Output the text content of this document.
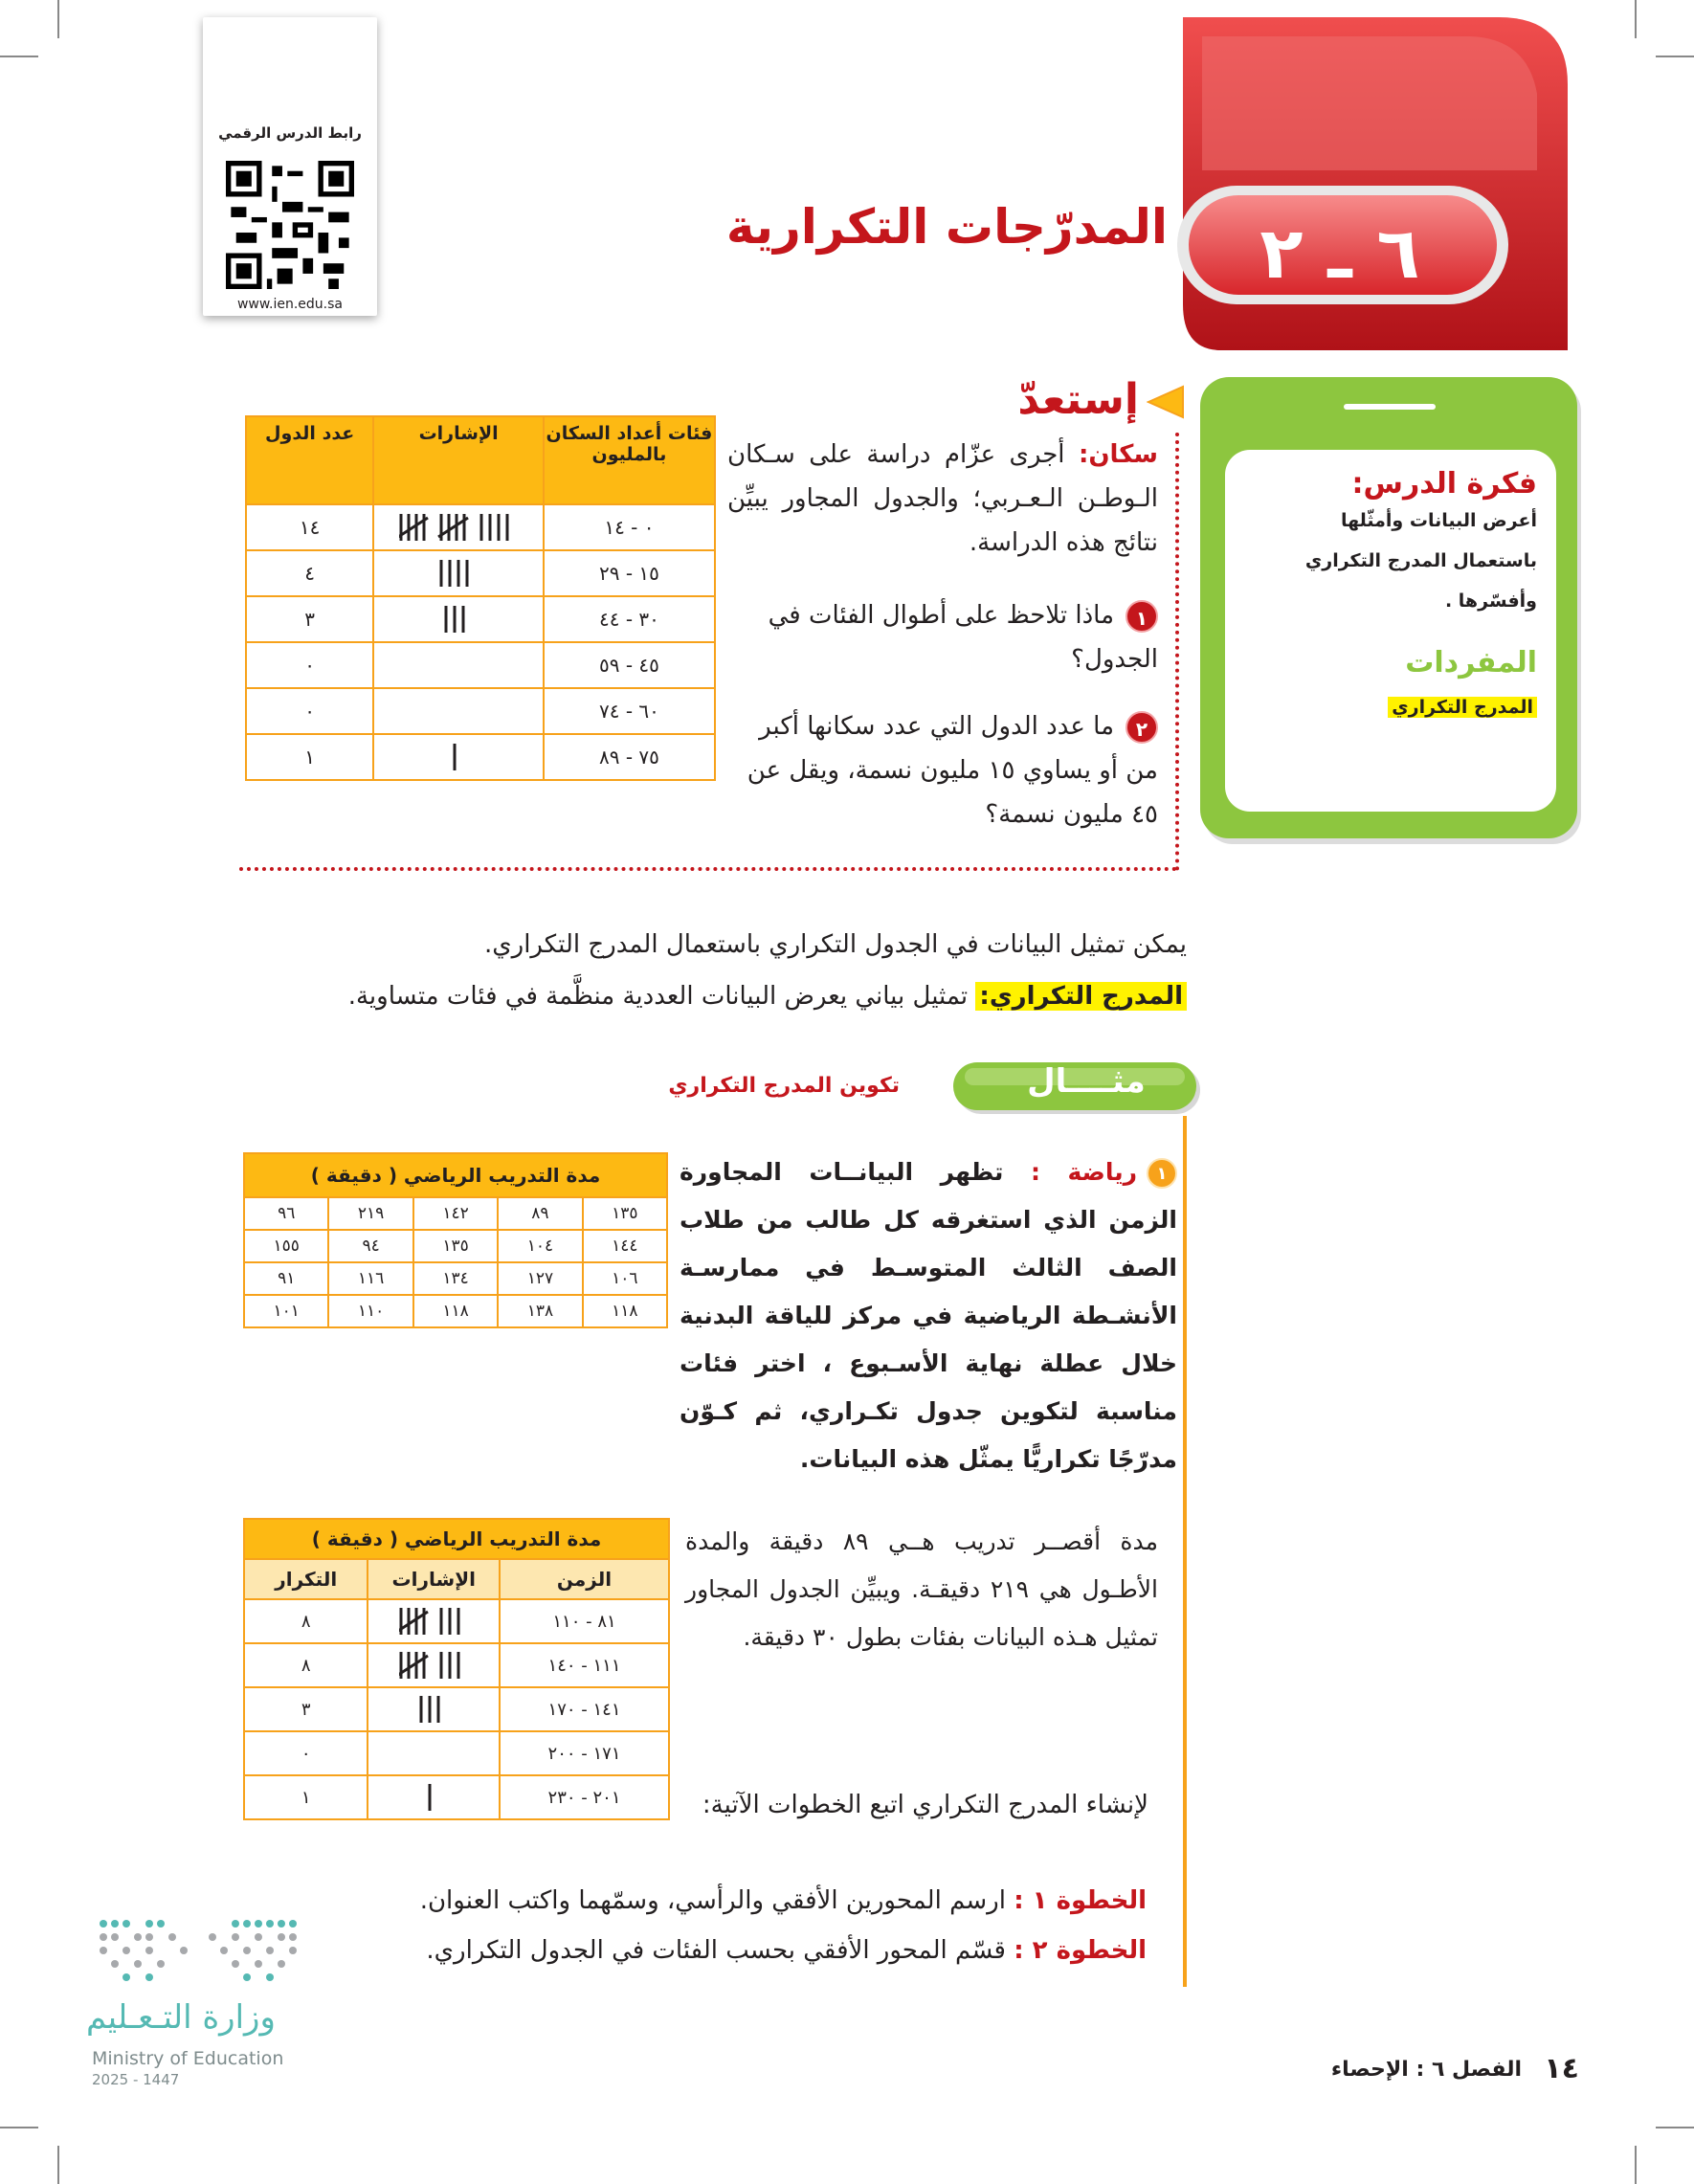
رابط الدرس الرقمي
www.ien.edu.sa
٦ ـ ٢
المدرّجات التكرارية
فكرة الدرس:
أعرض البيانات وأمثّلها
باستعمال المدرج التكراري
وأفسّرها .
المفردات
المدرج التكراري
إستعدّ
سكان: أجرى عزّام دراسة على سـكان الـوطـن الـعـربي؛ والجدول المجاور يبيِّن نتائج هذه الدراسة.
١ماذا تلاحظ على أطوال الفئات في الجدول؟
٢ما عدد الدول التي عدد سكانها أكبر من أو يساوي ١٥ مليون نسمة، ويقل عن ٤٥ مليون نسمة؟
فئات أعداد السكان بالمليون	الإشارات	عدد الدول
٠ - ١٤		١٤
١٥ - ٢٩		٤
٣٠ - ٤٤		٣
٤٥ - ٥٩		٠
٦٠ - ٧٤		٠
٧٥ - ٨٩		١
يمكن تمثيل البيانات في الجدول التكراري باستعمال المدرج التكراري.
المدرج التكراري: تمثيل بياني يعرض البيانات العددية منظَّمة في فئات متساوية.
مثــــال
تكوين المدرج التكراري
١رياضة : تظهر البيانــات المجاورة الزمن الذي استغرقه كل طالب من طلاب الصف الثالث المتوسـط في ممارسـة الأنشـطة الرياضية في مركز للياقة البدنية خلال عطلة نهاية الأسـبوع ، اختر فئات مناسبة لتكوين جدول تكـراري، ثم كـوّن مدرّجًا تكراريًّا يمثّل هذه البيانات.
مدة التدريب الرياضي ( دقيقة )				
١٣٥	٨٩	١٤٢	٢١٩	٩٦
١٤٤	١٠٤	١٣٥	٩٤	١٥٥
١٠٦	١٢٧	١٣٤	١١٦	٩١
١١٨	١٣٨	١١٨	١١٠	١٠١
مدة أقصــر تدريب هــي ٨٩ دقيقة والمدة الأطـول هي ٢١٩ دقيقـة. ويبيِّن الجدول المجاور تمثيل هـذه البيانات بفئات بطول ٣٠ دقيقة.
مدة التدريب الرياضي ( دقيقة )		
الزمن	الإشارات	التكرار
٨١ - ١١٠		٨
١١١ - ١٤٠		٨
١٤١ - ١٧٠		٣
١٧١ - ٢٠٠		٠
٢٠١ - ٢٣٠		١	لإنشاء المدرج التكراري اتبع الخطوات الآتية:
الخطوة ١ : ارسم المحورين الأفقي والرأسي، وسمّهما واكتب العنوان.
الخطوة ٢ : قسّم المحور الأفقي بحسب الفئات في الجدول التكراري.
وزارة التـعـليم
Ministry of Education
2025 - 1447	١٤
الفصل ٦ : الإحصاء
